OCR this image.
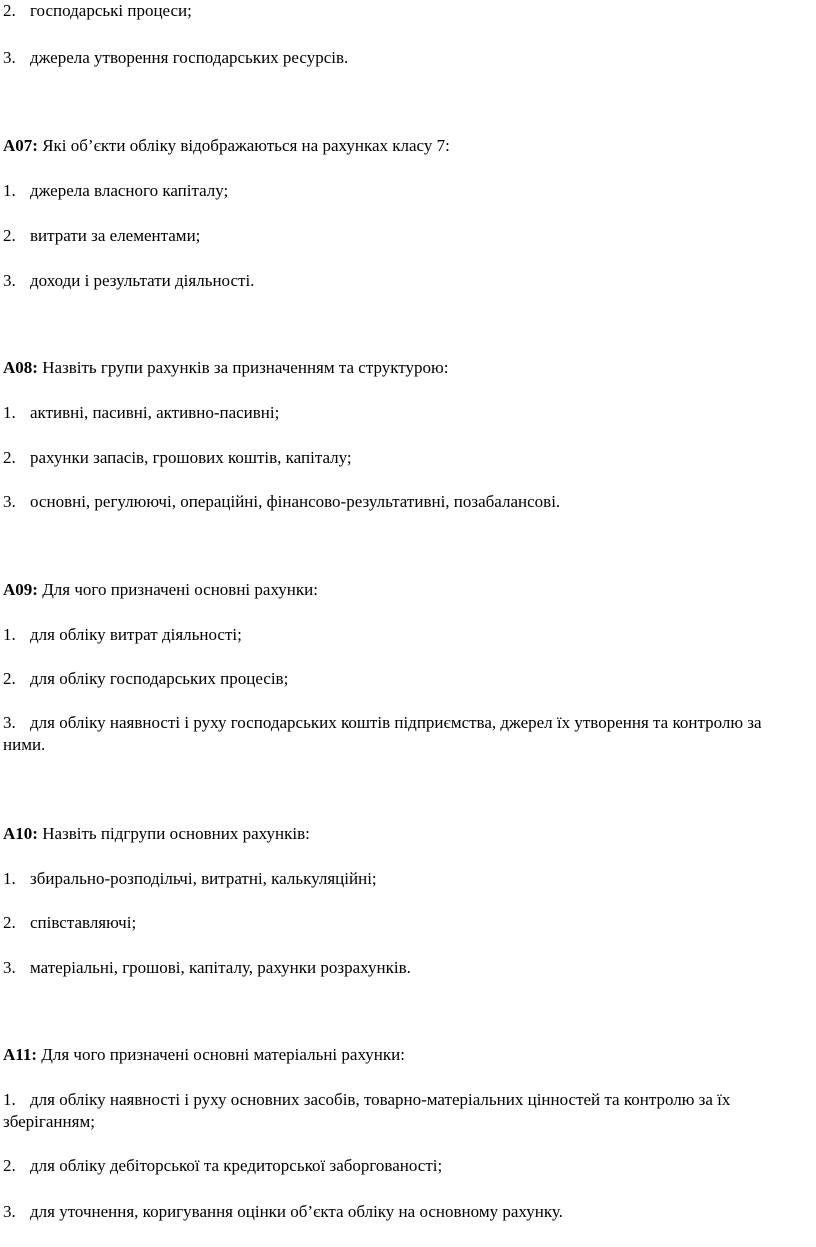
2. господарські процеси;
3. джерела утворення господарських ресурсів.
А07: Які об’єкти обліку відображаються на рахунках класу 7:
1. джерела власного капіталу;
2. витрати за елементами;
3. доходи і результати діяльності.
А08: Назвіть групи рахунків за призначенням та структурою:
1. активні, пасивні, активно-пасивні;
2. рахунки запасів, грошових коштів, капіталу;
3. основні, регулюючі, операційні, фінансово-результативні, позабалансові.
А09: Для чого призначені основні рахунки:
1. для обліку витрат діяльності;
2. для обліку господарських процесів;
3. для обліку наявності і руху господарських коштів підприємства, джерел їх утворення та контролю за ними.
А10: Назвіть підгрупи основних рахунків:
1. збирально-розподільчі, витратні, калькуляційні;
2. співставляючі;
3. матеріальні, грошові, капіталу, рахунки розрахунків.
А11: Для чого призначені основні матеріальні рахунки:
1. для обліку наявності і руху основних засобів, товарно-матеріальних цінностей та контролю за їх зберіганням;
2. для обліку дебіторської та кредиторської заборгованості;
3. для уточнення, коригування оцінки об’єкта обліку на основному рахунку.
